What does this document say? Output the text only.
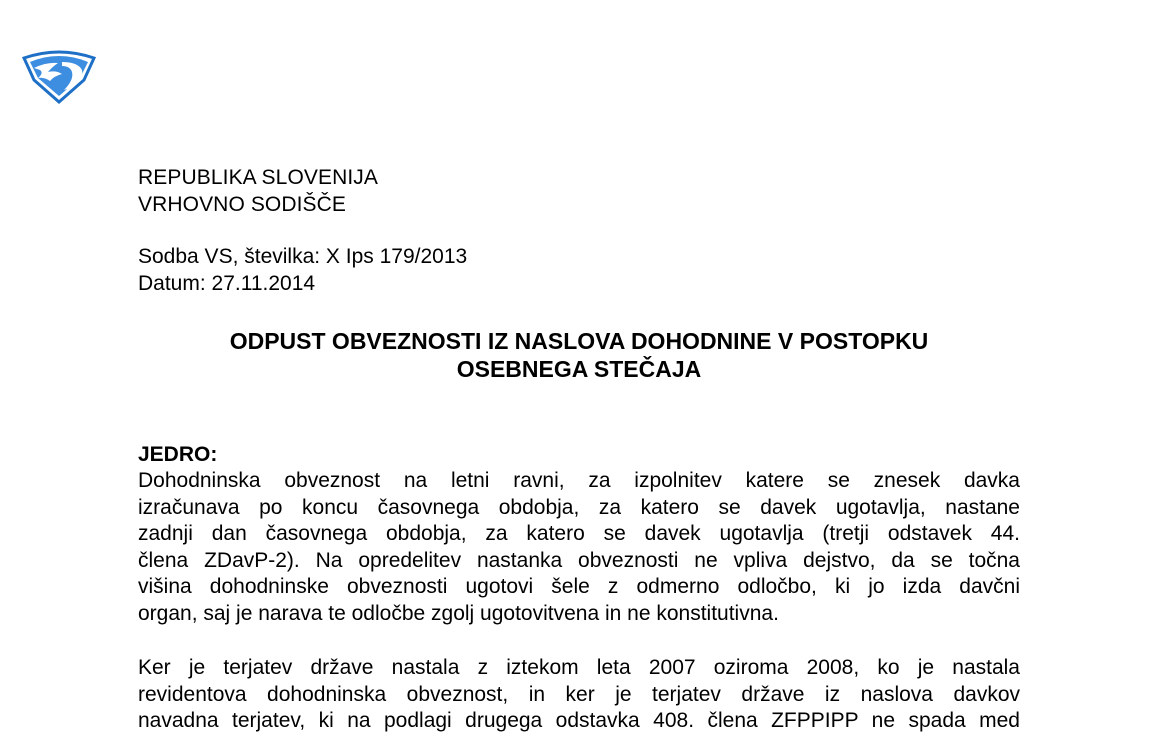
REPUBLIKA SLOVENIJA
VRHOVNO SODIŠČE
Sodba VS, številka: X Ips 179/2013
Datum: 27.11.2014
ODPUST OBVEZNOSTI IZ NASLOVA DOHODNINE V POSTOPKU
OSEBNEGA STEČAJA
JEDRO:
Dohodninska obveznost na letni ravni, za izpolnitev katere se znesek davka
izračunava po koncu časovnega obdobja, za katero se davek ugotavlja, nastane
zadnji dan časovnega obdobja, za katero se davek ugotavlja (tretji odstavek 44.
člena ZDavP-2). Na opredelitev nastanka obveznosti ne vpliva dejstvo, da se točna
višina dohodninske obveznosti ugotovi šele z odmerno odločbo, ki jo izda davčni
organ, saj je narava te odločbe zgolj ugotovitvena in ne konstitutivna.
Ker je terjatev države nastala z iztekom leta 2007 oziroma 2008, ko je nastala
revidentova dohodninska obveznost, in ker je terjatev države iz naslova davkov
navadna terjatev, ki na podlagi drugega odstavka 408. člena ZFPPIPP ne spada med
